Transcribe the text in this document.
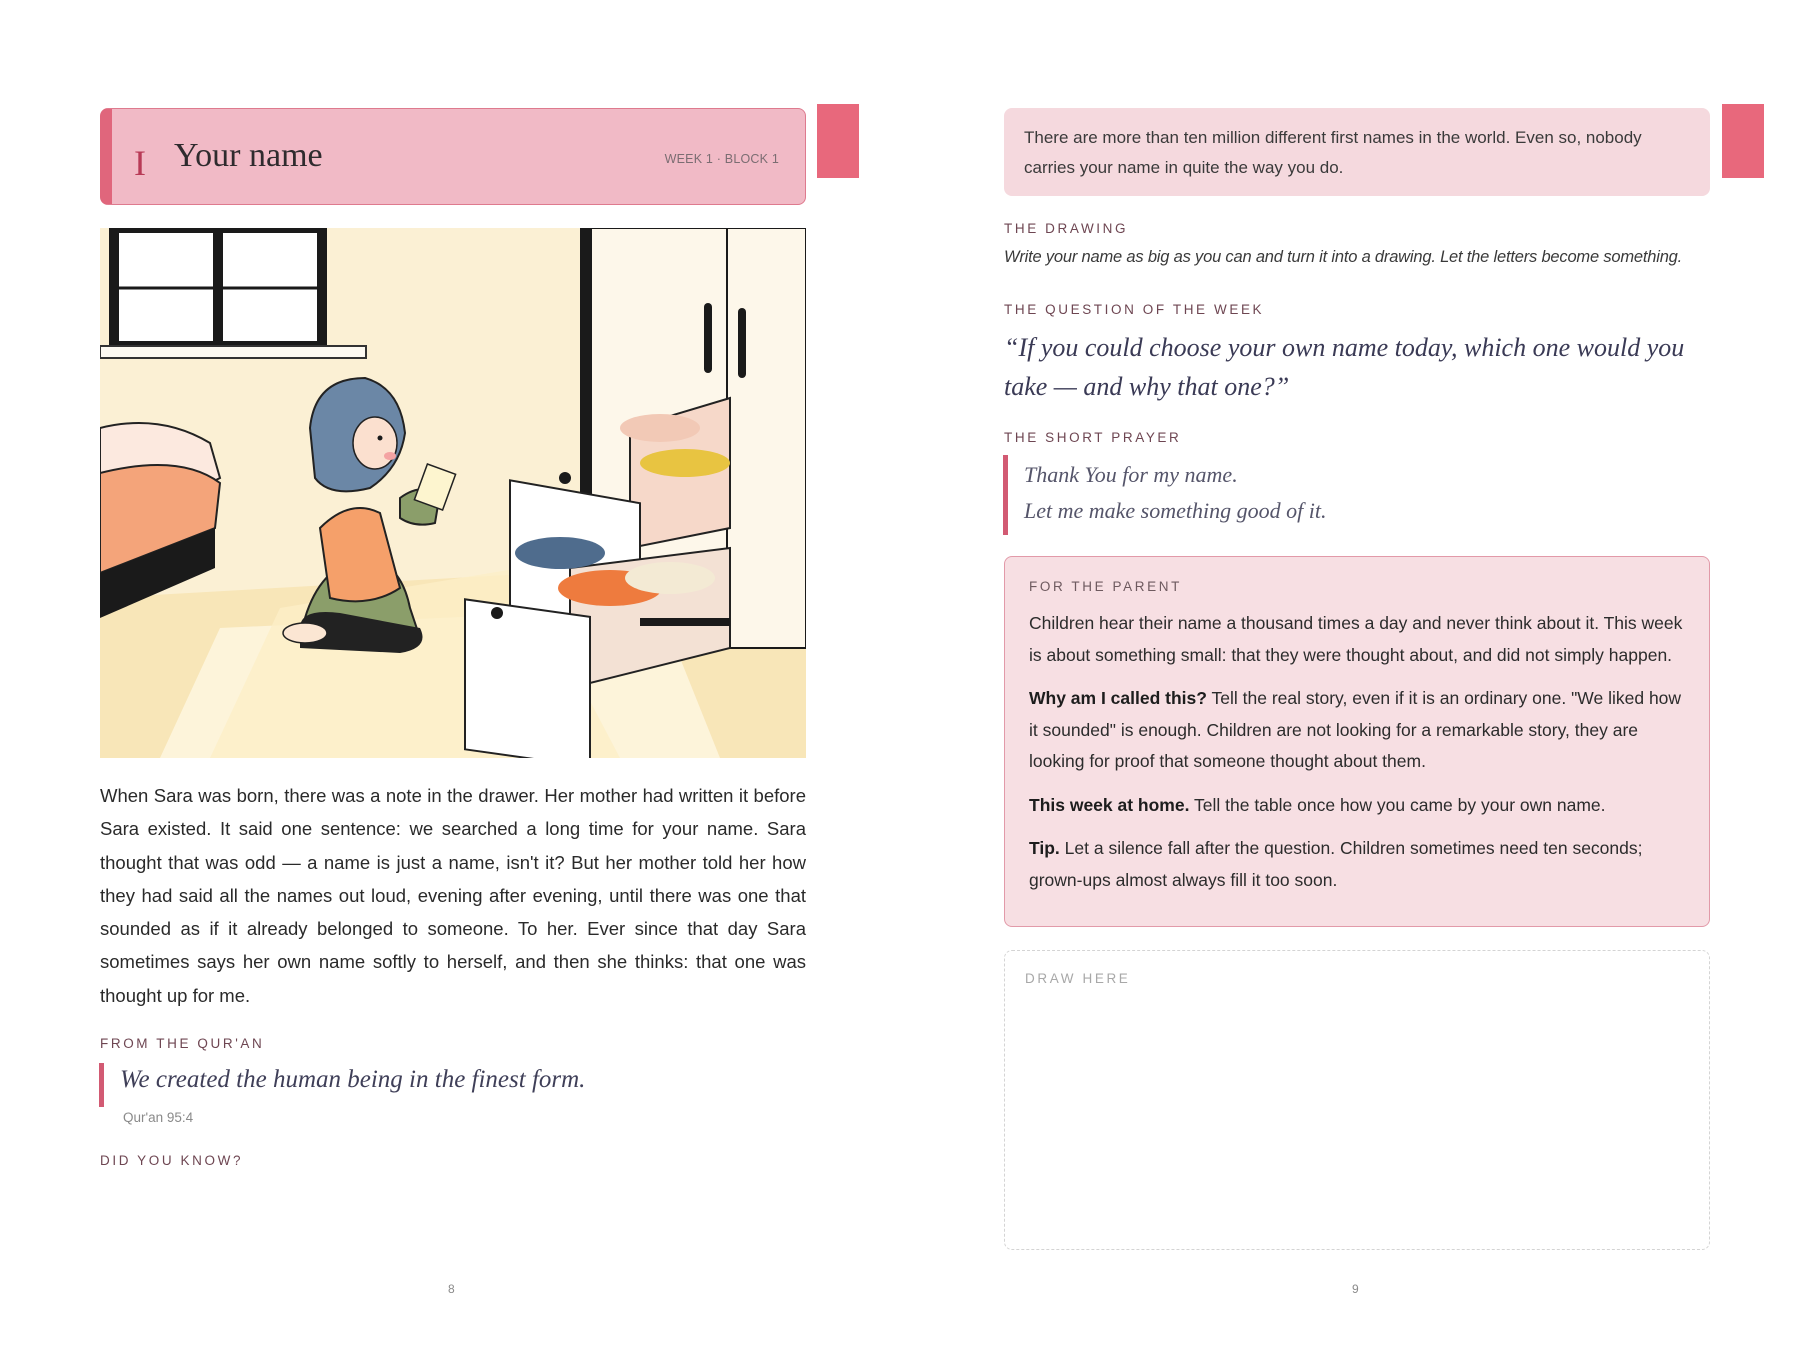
I Your name	WEEK 1 · BLOCK 1
When Sara was born, there was a note in the drawer. Her mother had written it before Sara existed. It said one sentence: we searched a long time for your name. Sara thought that was odd — a name is just a name, isn't it? But her mother told her how they had said all the names out loud, evening after evening, until there was one that sounded as if it already belonged to someone. To her. Ever since that day Sara sometimes says her own name softly to herself, and then she thinks: that one was thought up for me.
FROM THE QUR'AN
We created the human being in the finest form.
Qur'an 95:4
DID YOU KNOW?
8
There are more than ten million different first names in the world. Even so, nobody carries your name in quite the way you do.
THE DRAWING
Write your name as big as you can and turn it into a drawing. Let the letters become something.
THE QUESTION OF THE WEEK
“If you could choose your own name today, which one would you take — and why that one?”
THE SHORT PRAYER
Thank You for my name.
Let me make something good of it.
FOR THE PARENT

Children hear their name a thousand times a day and never think about it. This week is about something small: that they were thought about, and did not simply happen.

Why am I called this? Tell the real story, even if it is an ordinary one. "We liked how it sounded" is enough. Children are not looking for a remarkable story, they are looking for proof that someone thought about them.

This week at home. Tell the table once how you came by your own name.

Tip. Let a silence fall after the question. Children sometimes need ten seconds; grown-ups almost always fill it too soon.

DRAW HERE
9
